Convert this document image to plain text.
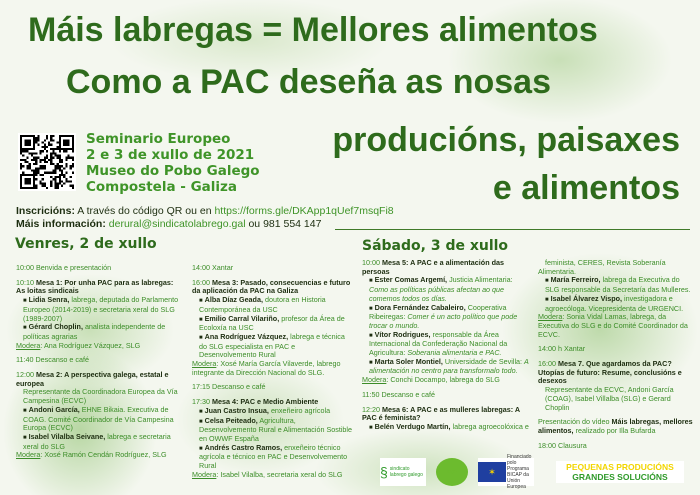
Máis labregas = Mellores alimentos
Como a PAC deseña as nosas
producións, paisaxes
e alimentos
Seminario Europeo
2 e 3 de xullo de 2021
Museo do Pobo Galego
Compostela - Galiza
Inscricións: A través do código QR ou en https://forms.gle/DKApp1qUef7msqFi8
Máis información: derural@sindicatolabrego.gal ou 981 554 147
Venres, 2 de xullo	Sábado, 3 de xullo
10:00 Benvida e presentación
10:10 Mesa 1: Por unha PAC para as labregas: As loitas sindicais
■ Lidia Senra, labrega, deputada do Parlamento Europeo (2014-2019) e secretaria xeral do SLG (1989-2007)
■ Gérard Choplin, analista independente de políticas agrarias
Modera: Ana Rodríguez Vázquez, SLG
11:40 Descanso e café
12:00 Mesa 2: A perspectiva galega, estatal e europea
Representante da Coordinadora Europea da Vía Campesina (ECVC)
■ Andoni García, EHNE Bikaia. Executiva de COAG. Comité Coordinador de Vía Campesina Europa (ECVC)
■ Isabel Vilalba Seivane, labrega e secretaria xeral do SLG
Modera: Xosé Ramón Cendán Rodríguez, SLG
14:00 Xantar
16:00 Mesa 3: Pasado, consecuencias e futuro da aplicación da PAC na Galiza
■ Alba Díaz Geada, doutora en Historia Contemporánea da USC
■ Emilio Carral Vilariño, profesor da Área de Ecoloxía na USC
■ Ana Rodríguez Vázquez, labrega e técnica do SLG especialista en PAC e Desenvolvemento Rural
Modera: Xosé María García Vilaverde, labrego integrante da Dirección Nacional do SLG.
17:15 Descanso e café
17:30 Mesa 4: PAC e Medio Ambiente
■ Juan Castro Insua, enxeñeiro agrícola
■ Celsa Peiteado, Agricultura, Desenvolvemento Rural e Alimentación Sostible en OWWF España
■ Andrés Castro Ramos, enxeñeiro técnico agrícola e técnico en PAC e Desenvolvemento Rural
Modera: Isabel Vilalba, secretaria xeral do SLG
10:00 Mesa 5: A PAC e a alimentación das persoas
■ Ester Comas Argemí, Justicia Alimentaria: Como as políticas públicas afectan ao que comemos todos os días.
■ Dora Fernández Cabaleiro, Cooperativa Ribeiregas: Comer é un acto político que pode trocar o mundo.
■ Vítor Rodrigues, responsable da Área Internacional da Confederação Nacional da Agricultura: Soberania alimentaria e PAC.
■ Marta Soler Montiel, Universidade de Sevilla: A alimentación no centro para transformalo todo.
Modera: Conchi Docampo, labrega do SLG
11:50 Descanso e café
12:20 Mesa 6: A PAC e as mulleres labregas: A PAC é feminista?
■ Belén Verdugo Martín, labrega agroecolóxica e
feminista, CERES, Revista Soberanía Alimentaria.
■ María Ferreiro, labrega da Executiva do SLG responsable da Secretaría das Mulleres.
■ Isabel Álvarez Vispo, investigadora e agroecóloga. Vicepresidenta de URGENCI.
Modera: Sonia Vidal Lamas, labrega, da Executiva do SLG e do Comité Coordinador da ECVC.
14:00 h Xantar
16:00 Mesa 7. Que agardamos da PAC? Utopías de futuro: Resume, conclusións e desexos
Representante da ECVC, Andoni García (COAG), Isabel Villalba (SLG) e Gerard Choplin
Presentación do vídeo Máis labregas, mellores alimentos, realizado por Illa Bufarda
18:00 Clausura
§ sindicato labrego galego	logo	✶
Financiado polo Programa BICAP da Unión Europea
PEQUENAS PRODUCIÓNS
GRANDES SOLUCIÓNS
